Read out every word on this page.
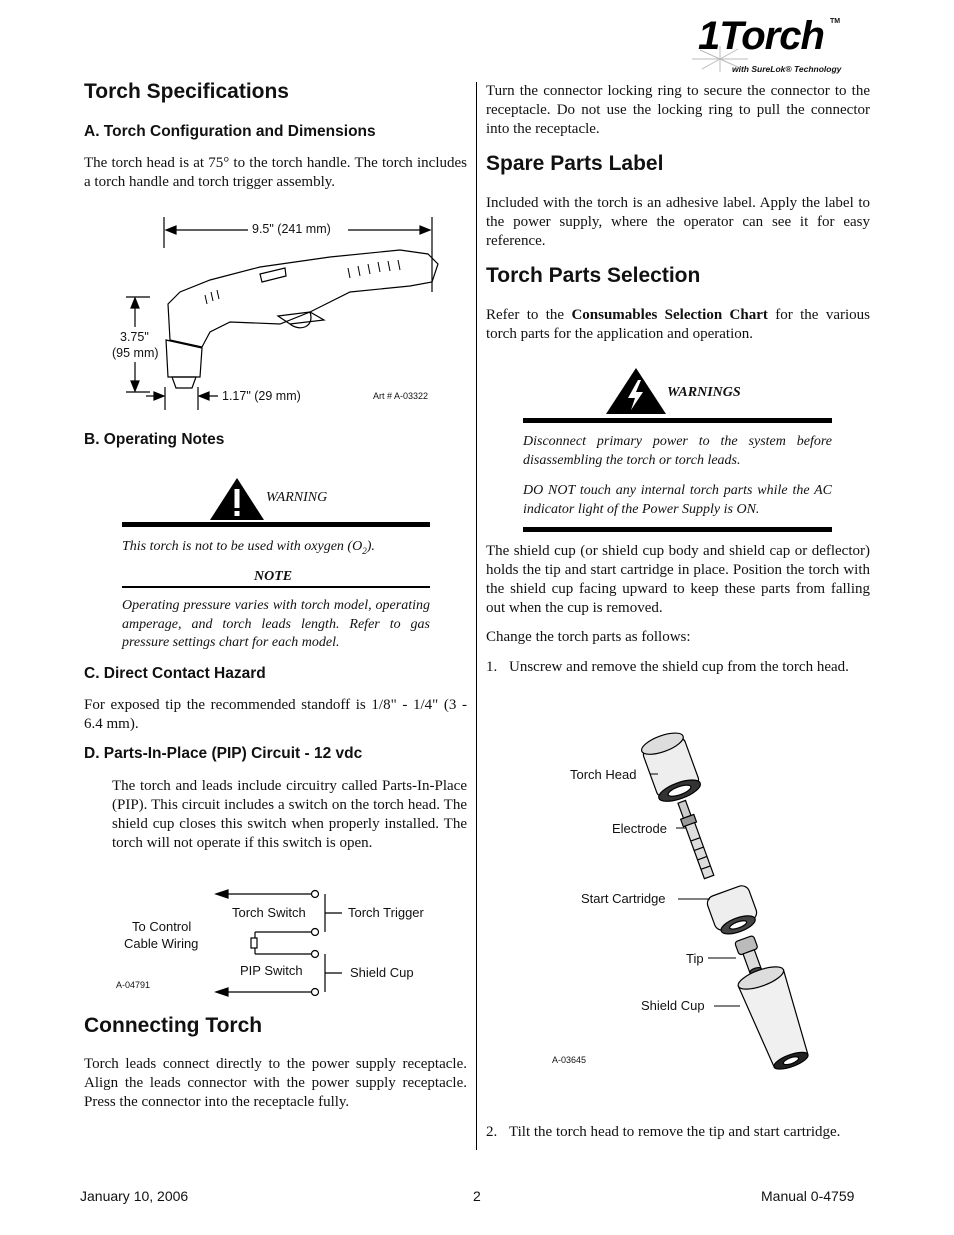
1Torch TM
with SureLok® Technology
Torch Specifications
A. Torch Configuration and Dimensions
The torch head is at 75° to the torch handle. The torch includes a torch handle and torch trigger assembly.
9.5" (241 mm)
3.75"
(95 mm)
1.17" (29 mm)	Art # A-03322
B. Operating Notes
WARNING
This torch is not to be used with oxygen $(O_2)$.
NOTE
Operating pressure varies with torch model, operating amperage, and torch leads length. Refer to gas pressure settings chart for each model.
C. Direct Contact Hazard
For exposed tip the recommended standoff is 1/8" - 1/4" (3 - 6.4 mm).
D. Parts-In-Place (PIP) Circuit - 12 vdc
The torch and leads include circuitry called Parts-In-Place (PIP). This circuit includes a switch on the torch head. The shield cup closes this switch when properly installed. The torch will not operate if this switch is open.
To Control
Cable Wiring
Torch Switch	Torch Trigger
PIP Switch	Shield Cup
A-04791
Connecting Torch
Torch leads connect directly to the power supply receptacle. Align the leads connector with the power supply receptacle. Press the connector into the receptacle fully.
Turn the connector locking ring to secure the connector to the receptacle. Do not use the locking ring to pull the connector into the receptacle.
Spare Parts Label
Included with the torch is an adhesive label. Apply the label to the power supply, where the operator can see it for easy reference.
Torch Parts Selection
Refer to the Consumables Selection Chart for the various torch parts for the application and operation.
WARNINGS
Disconnect primary power to the system before disassembling the torch or torch leads.
DO NOT touch any internal torch parts while the AC indicator light of the Power Supply is ON.
The shield cup (or shield cup body and shield cap or deflector) holds the tip and start cartridge in place. Position the torch with the shield cup facing upward to keep these parts from falling out when the cup is removed.
Change the torch parts as follows:
1. Unscrew and remove the shield cup from the torch head.
Torch Head
Electrode
Start Cartridge
Tip
Shield Cup
A-03645
2. Tilt the torch head to remove the tip and start cartridge.
January 10, 2006	2	Manual 0-4759
